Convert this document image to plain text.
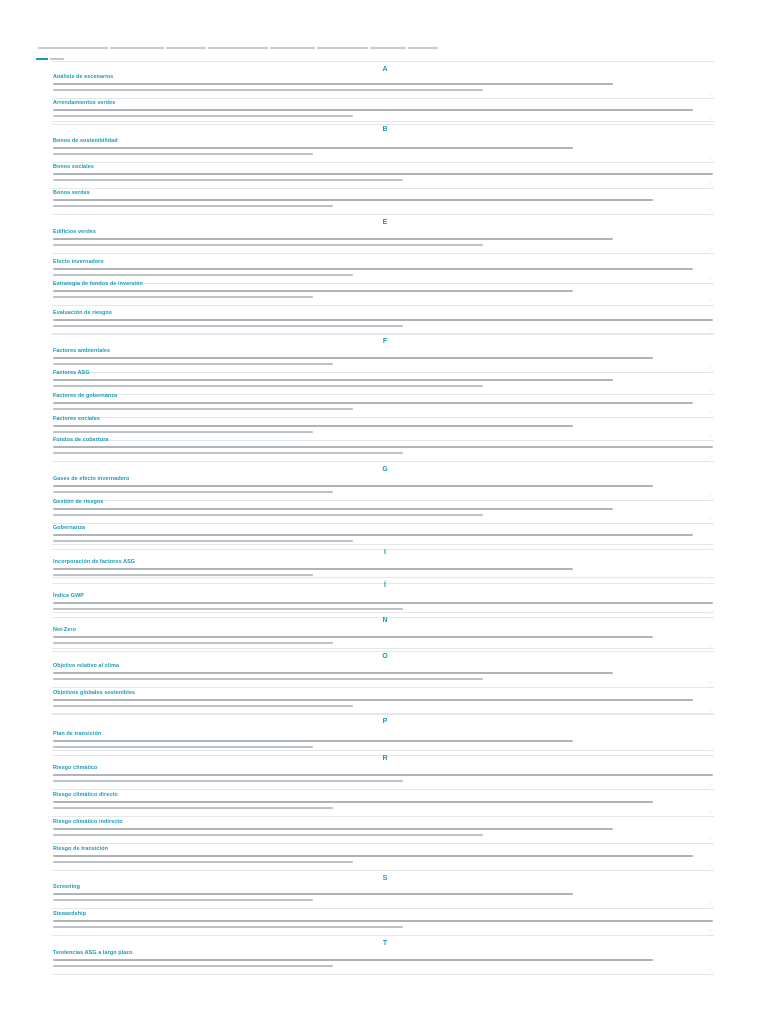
A
Análisis de escenarios
›
Arrendamientos verdes
›
B
Bonos de sostenibilidad
›
Bonos sociales
›
Bonos verdes
›
E
Edificios verdes
›
Efecto invernadero
›
Estrategia de fondos de inversión
›
Evaluación de riesgos
›
F
Factores ambientales
›
Factores ASG
›
Factores de gobernanza
›
Factores sociales
›
Fondos de cobertura
›
G
Gases de efecto invernadero
›
Gestión de riesgos
›
Gobernanza
I
Incorporación de factores ASG
›
Í
Índice GWP
N
Net-Zero
›
O
Objetivo relativo al clima
›
Objetivos globales sostenibles
›
P
Plan de transición
R
Riesgo climático
›
Riesgo climático directo
›
Riesgo climático indirecto
›
Riesgo de transición
›
S
Screening
›
Stewardship
›
T
Tendencias ASG a largo plazo
›
